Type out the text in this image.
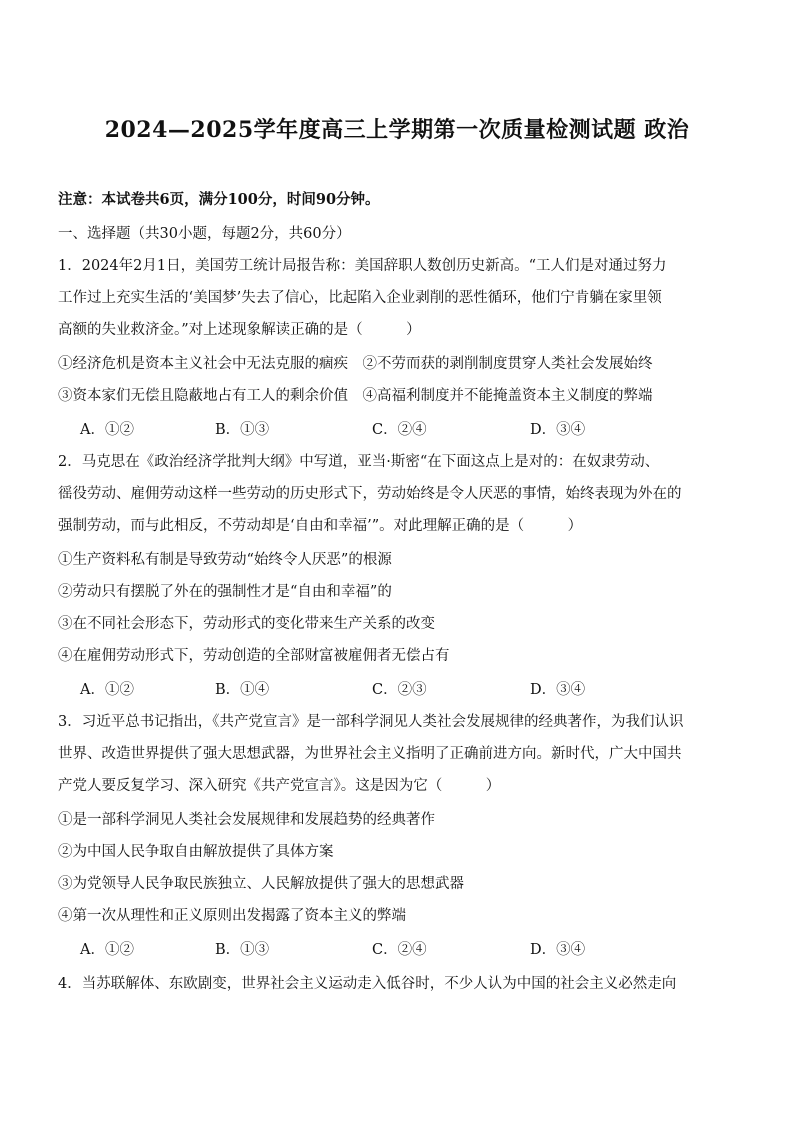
2024—2025学年度高三上学期第一次质量检测试题 政治
注意：本试卷共6页，满分100分，时间90分钟。
一、选择题（共30小题，每题2分，共60分）
1．2024年2月1日，美国劳工统计局报告称：美国辞职人数创历史新高。“工人们是对通过努力
工作过上充实生活的‘美国梦’失去了信心，比起陷入企业剥削的恶性循环，他们宁肯躺在家里领
高额的失业救济金。”对上述现象解读正确的是（　　　）
①经济危机是资本主义社会中无法克服的痼疾　②不劳而获的剥削制度贯穿人类社会发展始终
③资本家们无偿且隐蔽地占有工人的剩余价值　④高福利制度并不能掩盖资本主义制度的弊端
A．①②	B．①③	C．②④	D．③④
2．马克思在《政治经济学批判大纲》中写道，亚当·斯密“在下面这点上是对的：在奴隶劳动、
徭役劳动、雇佣劳动这样一些劳动的历史形式下，劳动始终是令人厌恶的事情，始终表现为外在的
强制劳动，而与此相反，不劳动却是‘自由和幸福’”。对此理解正确的是（　　　）
①生产资料私有制是导致劳动“始终令人厌恶”的根源
②劳动只有摆脱了外在的强制性才是“自由和幸福”的
③在不同社会形态下，劳动形式的变化带来生产关系的改变
④在雇佣劳动形式下，劳动创造的全部财富被雇佣者无偿占有
A．①②	B．①④	C．②③	D．③④
3．习近平总书记指出，《共产党宣言》是一部科学洞见人类社会发展规律的经典著作，为我们认识
世界、改造世界提供了强大思想武器，为世界社会主义指明了正确前进方向。新时代，广大中国共
产党人要反复学习、深入研究《共产党宣言》。这是因为它（　　　）
①是一部科学洞见人类社会发展规律和发展趋势的经典著作
②为中国人民争取自由解放提供了具体方案
③为党领导人民争取民族独立、人民解放提供了强大的思想武器
④第一次从理性和正义原则出发揭露了资本主义的弊端
A．①②	B．①③	C．②④	D．③④
4．当苏联解体、东欧剧变，世界社会主义运动走入低谷时，不少人认为中国的社会主义必然走向
